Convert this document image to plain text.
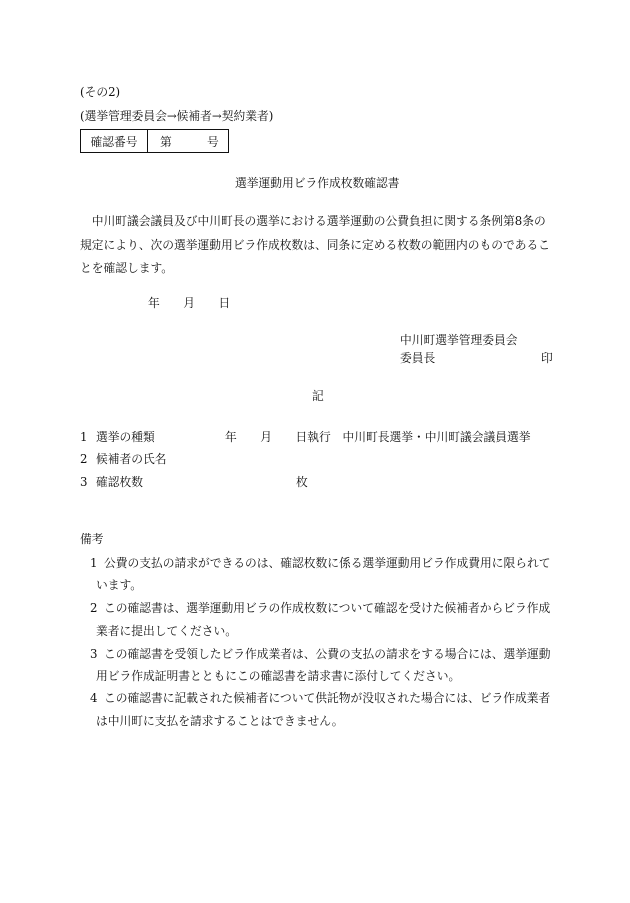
(その2)
(選挙管理委員会→候補者→契約業者)
確認番号	第　　　号
選挙運動用ビラ作成枚数確認書
　中川町議会議員及び中川町長の選挙における選挙運動の公費負担に関する条例第8条の
規定により、次の選挙運動用ビラ作成枚数は、同条に定める枚数の範囲内のものであるこ
とを確認します。
年　　月　　日
中川町選挙管理委員会
委員長	印
記
1 選挙の種類	年　　月　　日執行　中川町長選挙・中川町議会議員選挙
2 候補者の氏名
3 確認枚数	枚
備考
1 公費の支払の請求ができるのは、確認枚数に係る選挙運動用ビラ作成費用に限られて
います。
2 この確認書は、選挙運動用ビラの作成枚数について確認を受けた候補者からビラ作成
業者に提出してください。
3 この確認書を受領したビラ作成業者は、公費の支払の請求をする場合には、選挙運動
用ビラ作成証明書とともにこの確認書を請求書に添付してください。
4 この確認書に記載された候補者について供託物が没収された場合には、ビラ作成業者
は中川町に支払を請求することはできません。
